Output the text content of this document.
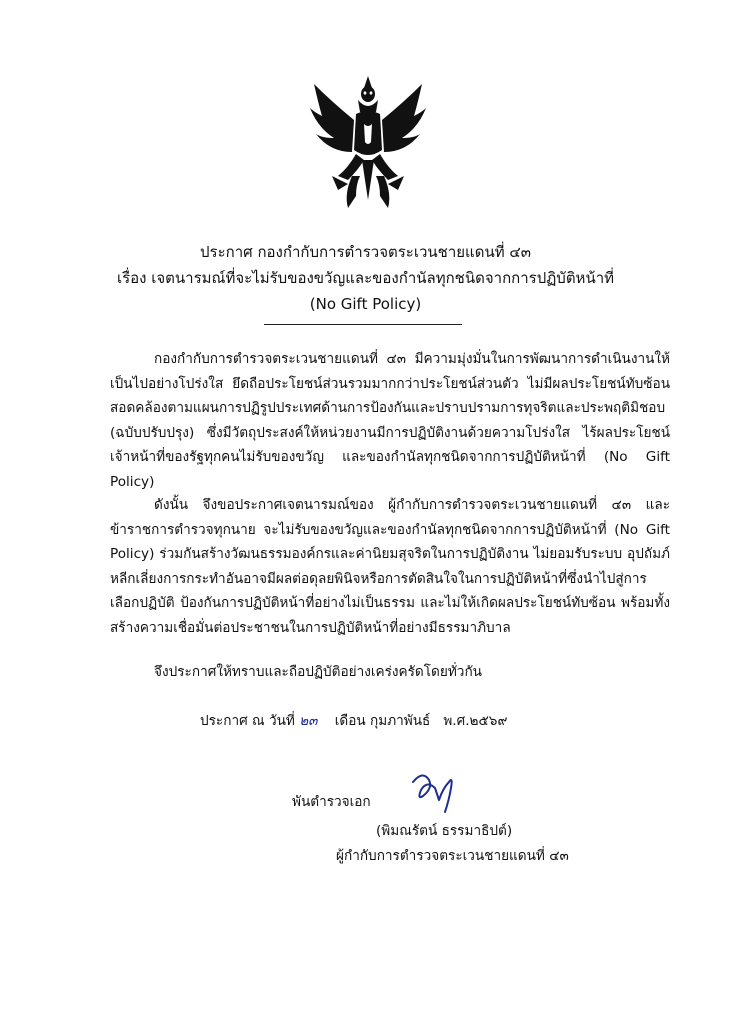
ประกาศ กองกำกับการตำรวจตระเวนชายแดนที่ ๔๓
เรื่อง เจตนารมณ์ที่จะไม่รับของขวัญและของกำนัลทุกชนิดจากการปฏิบัติหน้าที่
(No Gift Policy)

กองกำกับการตำรวจตระเวนชายแดนที่ ๔๓ มีความมุ่งมั่นในการพัฒนาการดำเนินงานให้เป็นไปอย่างโปร่งใส ยึดถือประโยชน์ส่วนรวมมากกว่าประโยชน์ส่วนตัว ไม่มีผลประโยชน์ทับซ้อน สอดคล้องตามแผนการปฏิรูปประเทศด้านการป้องกันและปราบปรามการทุจริตและประพฤติมิชอบ (ฉบับปรับปรุง) ซึ่งมีวัตถุประสงค์ให้หน่วยงานมีการปฏิบัติงานด้วยความโปร่งใส ไร้ผลประโยชน์ เจ้าหน้าที่ของรัฐทุกคนไม่รับของขวัญ และของกำนัลทุกชนิดจากการปฏิบัติหน้าที่ (No Gift Policy)

ดังนั้น จึงขอประกาศเจตนารมณ์ของ ผู้กำกับการตำรวจตระเวนชายแดนที่ ๔๓ และข้าราชการตำรวจทุกนาย จะไม่รับของขวัญและของกำนัลทุกชนิดจากการปฏิบัติหน้าที่ (No Gift Policy) ร่วมกันสร้างวัฒนธรรมองค์กรและค่านิยมสุจริตในการปฏิบัติงาน ไม่ยอมรับระบบ อุปถัมภ์ หลีกเลี่ยงการกระทำอันอาจมีผลต่อดุลยพินิจหรือการตัดสินใจในการปฏิบัติหน้าที่ซึ่งนำไปสู่การเลือกปฏิบัติ ป้องกันการปฏิบัติหน้าที่อย่างไม่เป็นธรรม และไม่ให้เกิดผลประโยชน์ทับซ้อน พร้อมทั้งสร้างความเชื่อมั่นต่อประชาชนในการปฏิบัติหน้าที่อย่างมีธรรมาภิบาล

จึงประกาศให้ทราบและถือปฏิบัติอย่างเคร่งครัดโดยทั่วกัน

ประกาศ ณ วันที่ ๒๓ เดือน กุมภาพันธ์ พ.ศ.๒๕๖๙
พันตำรวจเอก
(พิมณรัตน์ ธรรมาธิปต์)
ผู้กำกับการตำรวจตระเวนชายแดนที่ ๔๓
